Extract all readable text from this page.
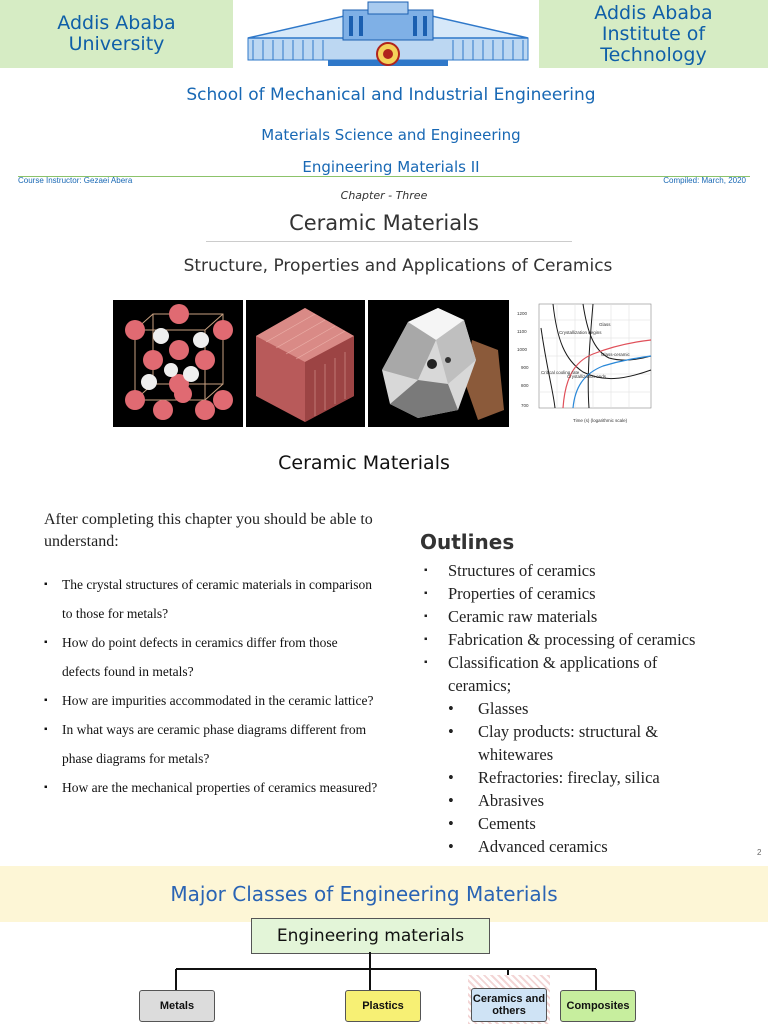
Addis Ababa University
Addis Ababa Institute of Technology
School of Mechanical and Industrial Engineering
Materials Science and Engineering
Engineering Materials II
Course Instructor: Gezaei Abera	Compiled: March, 2020
Chapter - Three
Ceramic Materials
Structure, Properties and Applications of Ceramics
1200
1100
1000
900
800
700
Glass
Crystallization begins
Glass-ceramic
Critical cooling rate
Crystallization ends
Time (s) (logarithmic scale)
Ceramic Materials
After completing this chapter you should be able to understand:
▪ The crystal structures of ceramic materials in comparison to those for metals?
▪ How do point defects in ceramics differ from those defects found in metals?
▪ How are impurities accommodated in the ceramic lattice?
▪ In what ways are ceramic phase diagrams different from phase diagrams for metals?
▪ How are the mechanical properties of ceramics measured?
Outlines
▪ Structures of ceramics
▪ Properties of ceramics
▪ Ceramic raw materials
▪ Fabrication & processing of ceramics
▪ Classification & applications of ceramics;
• Glasses
• Clay products: structural & whitewares
• Refractories: fireclay, silica
• Abrasives
• Cements
• Advanced ceramics	2
Major Classes of Engineering Materials
Engineering materials
Metals	Plastics
Ceramics and others	Composites
